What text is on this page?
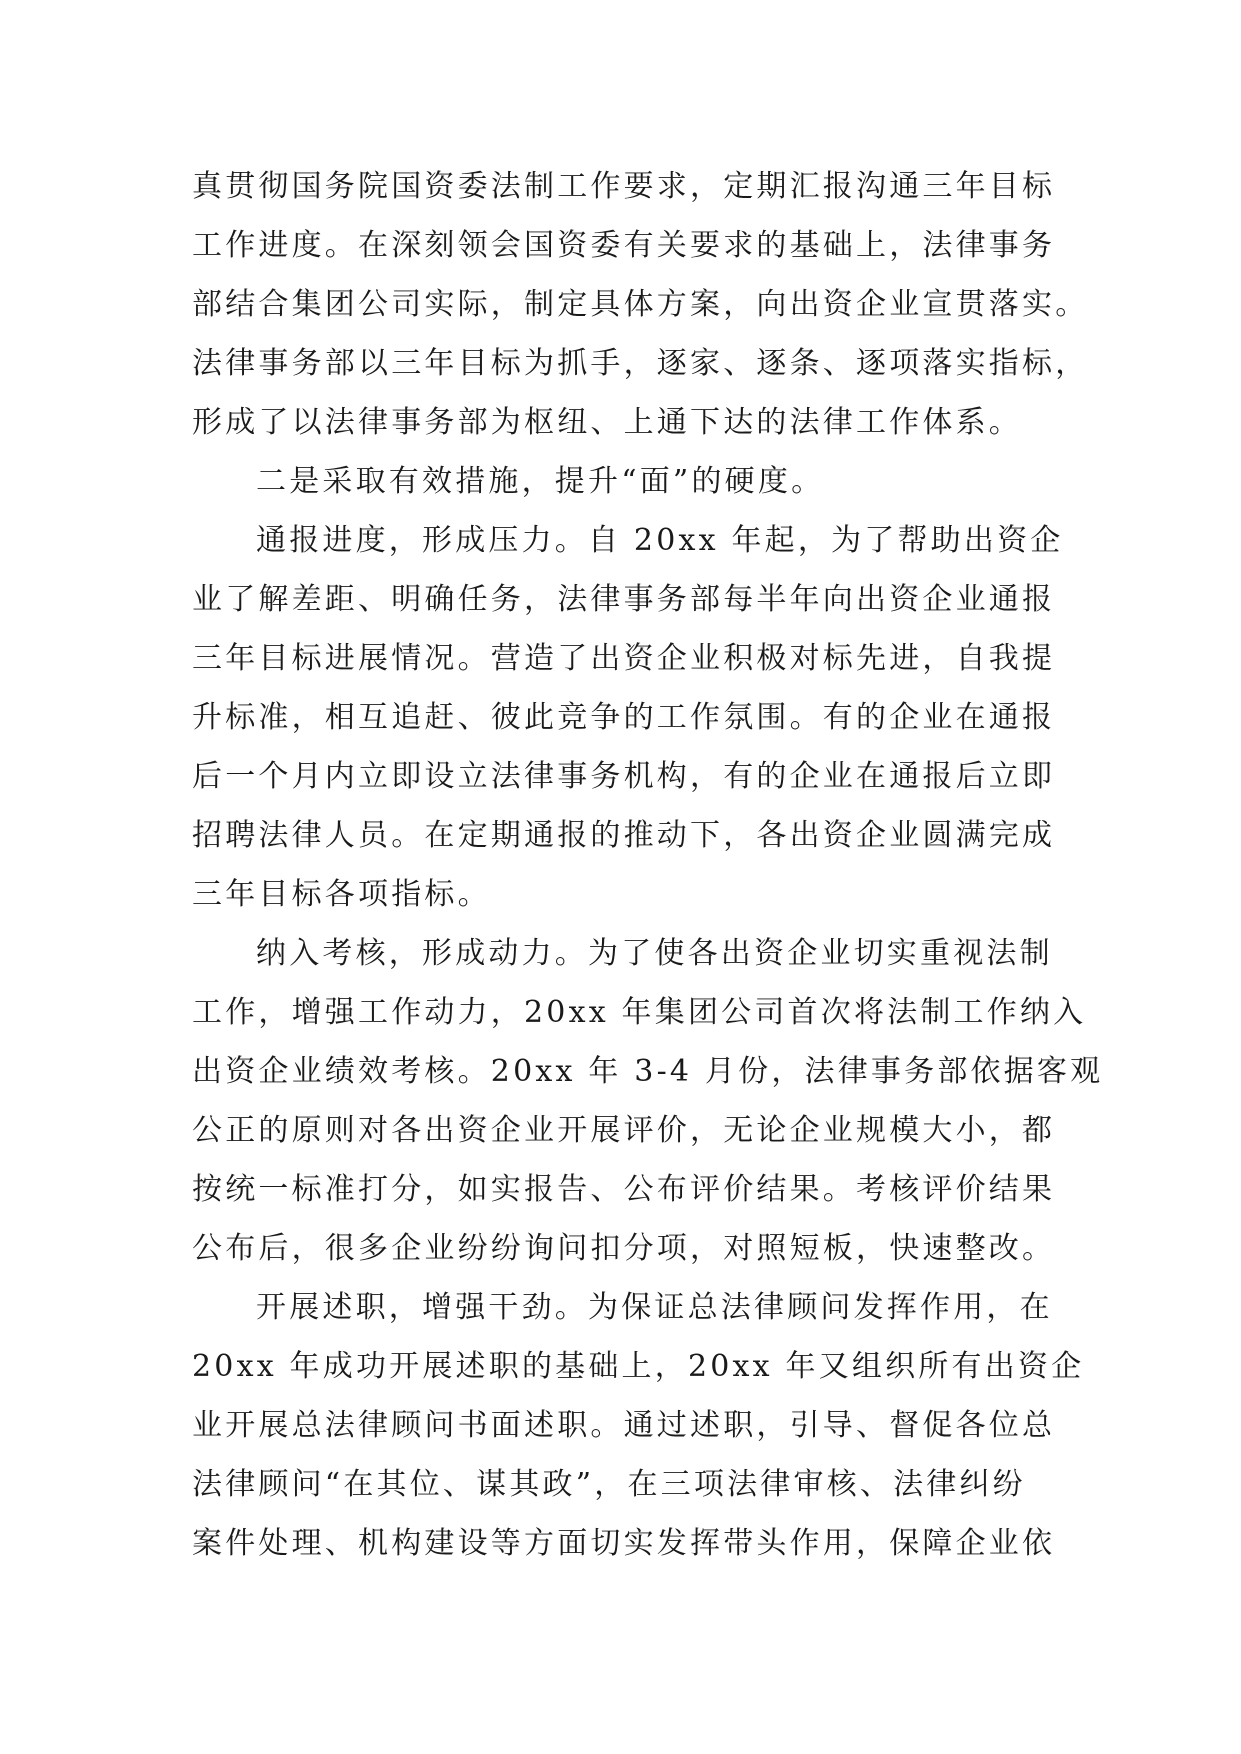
真贯彻国务院国资委法制工作要求，定期汇报沟通三年目标
工作进度。在深刻领会国资委有关要求的基础上，法律事务
部结合集团公司实际，制定具体方案，向出资企业宣贯落实。
法律事务部以三年目标为抓手，逐家、逐条、逐项落实指标，
形成了以法律事务部为枢纽、上通下达的法律工作体系。
二是采取有效措施，提升“面”的硬度。
通报进度，形成压力。自 20xx 年起，为了帮助出资企
业了解差距、明确任务，法律事务部每半年向出资企业通报
三年目标进展情况。营造了出资企业积极对标先进，自我提
升标准，相互追赶、彼此竞争的工作氛围。有的企业在通报
后一个月内立即设立法律事务机构，有的企业在通报后立即
招聘法律人员。在定期通报的推动下，各出资企业圆满完成
三年目标各项指标。
纳入考核，形成动力。为了使各出资企业切实重视法制
工作，增强工作动力，20xx 年集团公司首次将法制工作纳入
出资企业绩效考核。20xx 年 3-4 月份，法律事务部依据客观
公正的原则对各出资企业开展评价，无论企业规模大小，都
按统一标准打分，如实报告、公布评价结果。考核评价结果
公布后，很多企业纷纷询问扣分项，对照短板，快速整改。
开展述职，增强干劲。为保证总法律顾问发挥作用，在
20xx 年成功开展述职的基础上，20xx 年又组织所有出资企
业开展总法律顾问书面述职。通过述职，引导、督促各位总
法律顾问“在其位、谋其政”，在三项法律审核、法律纠纷
案件处理、机构建设等方面切实发挥带头作用，保障企业依
